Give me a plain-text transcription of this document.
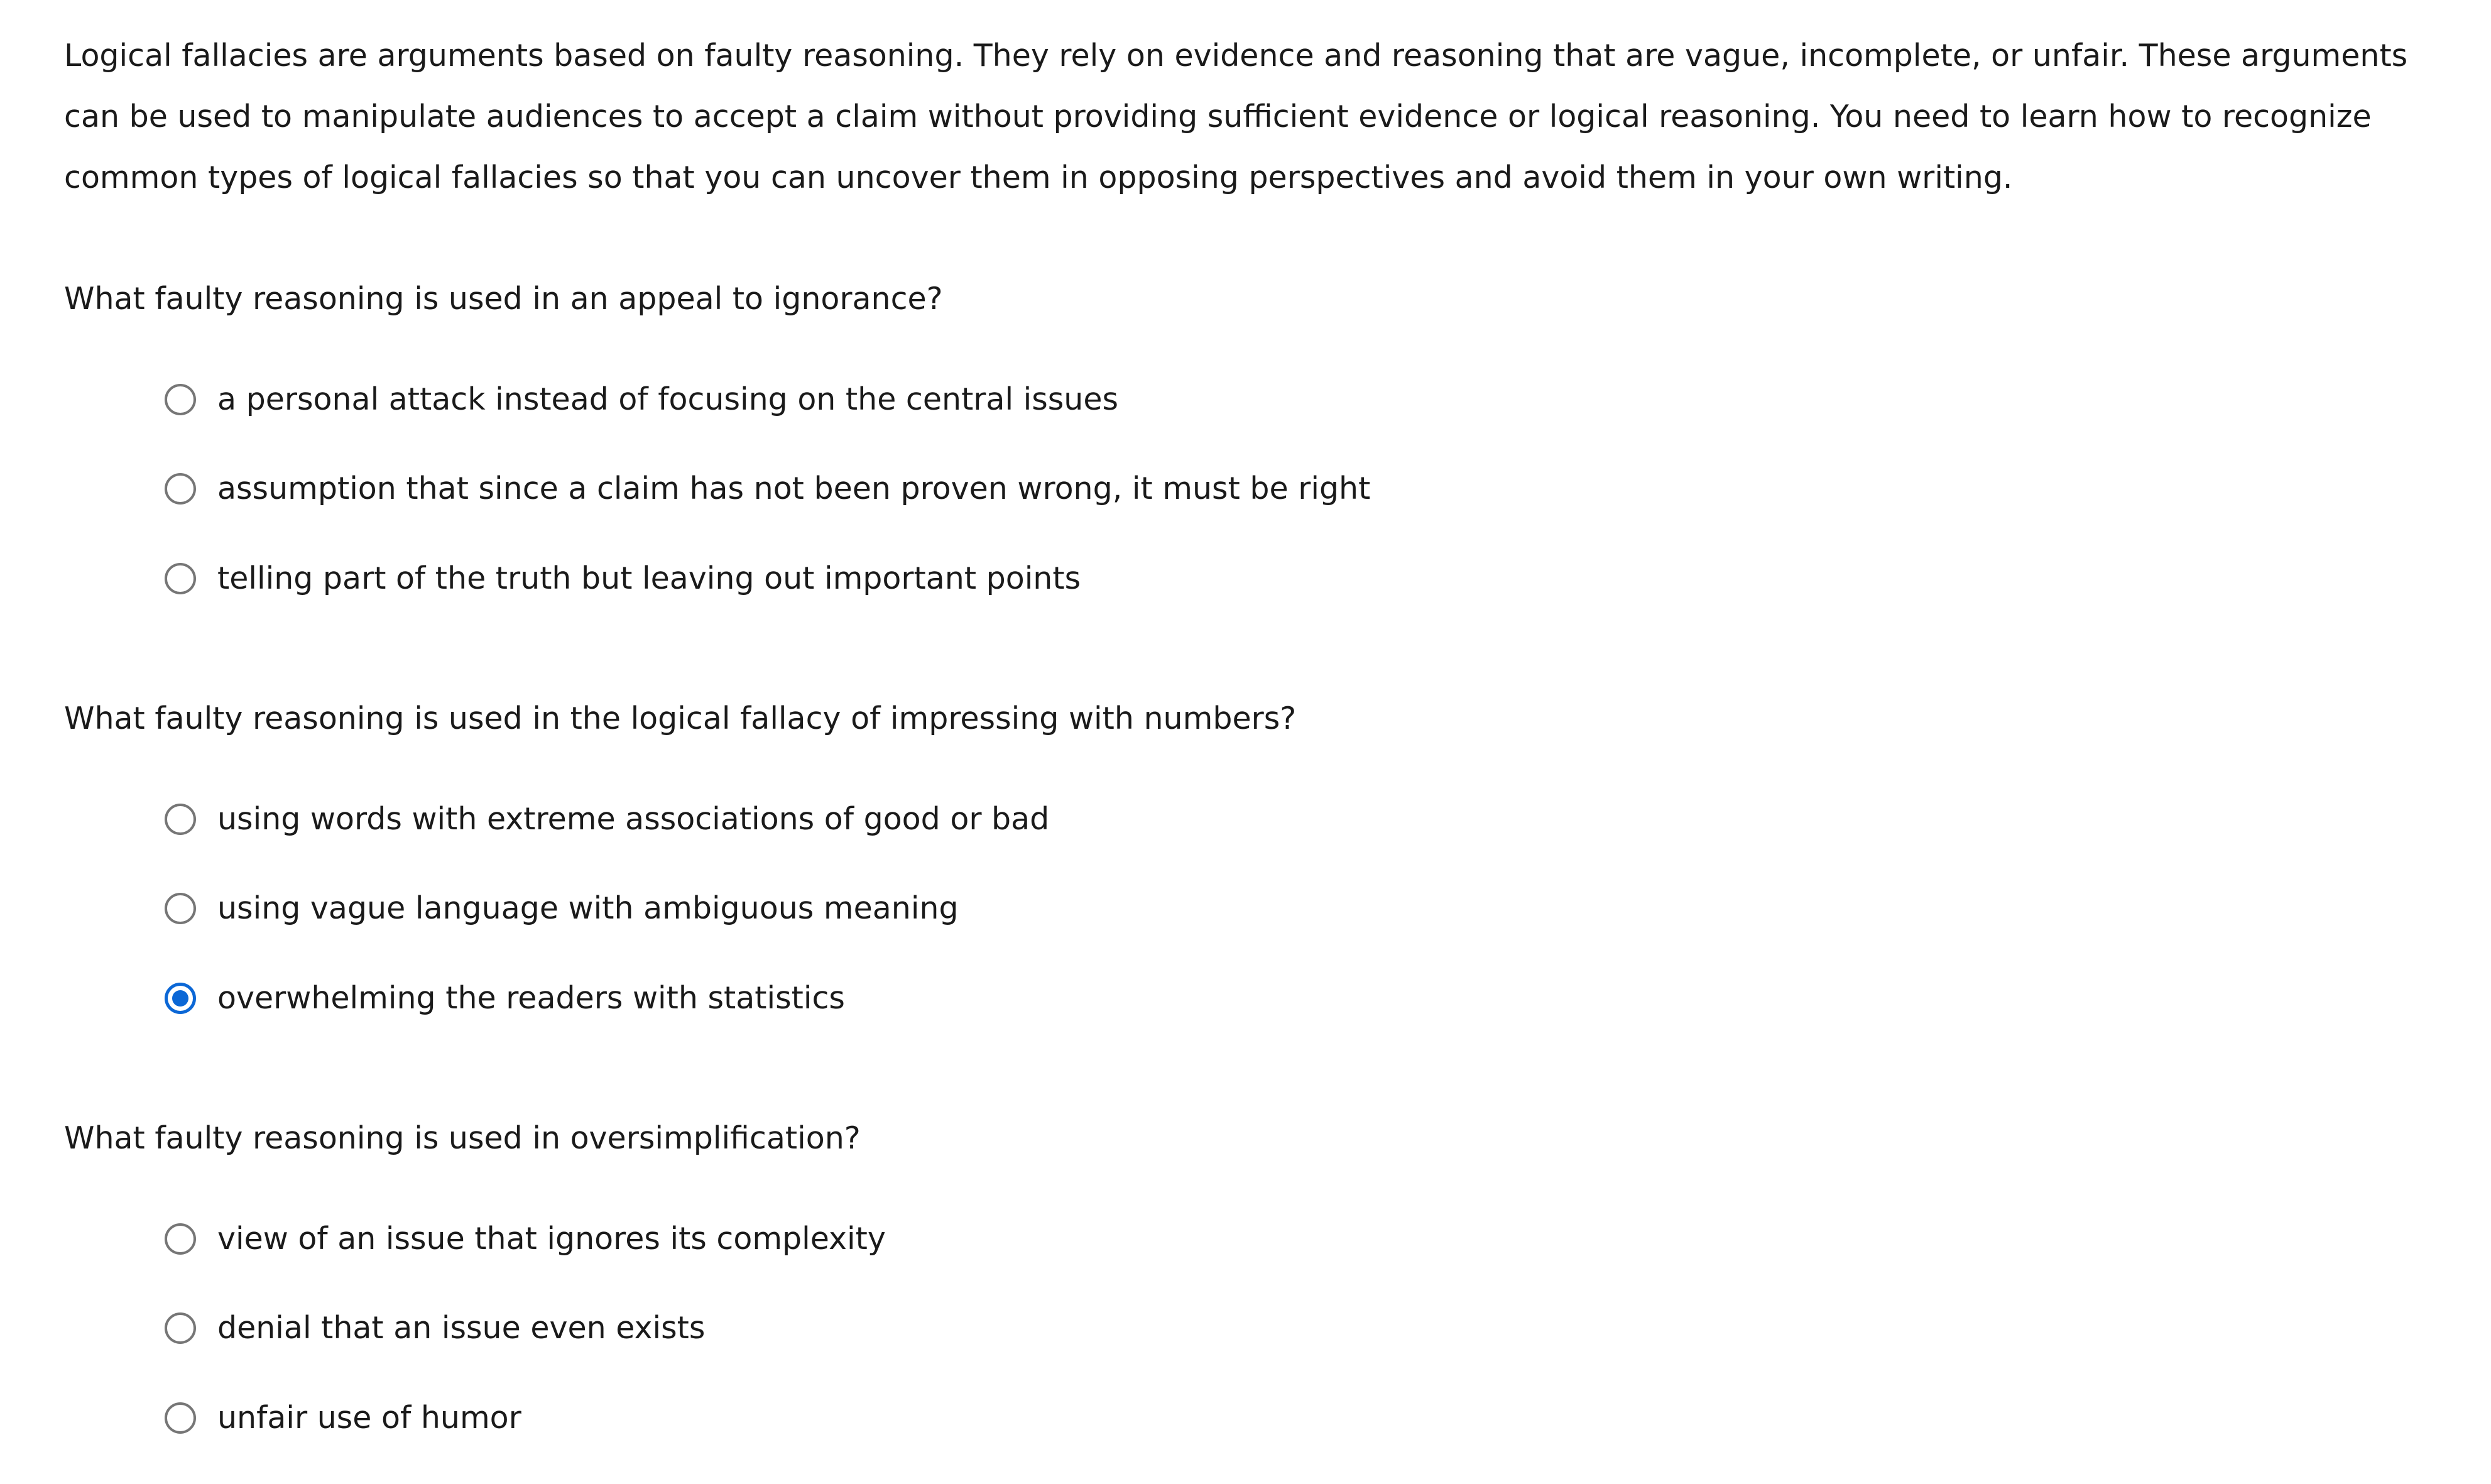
Logical fallacies are arguments based on faulty reasoning. They rely on evidence and reasoning that are vague, incomplete, or unfair. These arguments can be used to manipulate audiences to accept a claim without providing sufficient evidence or logical reasoning. You need to learn how to recognize common types of logical fallacies so that you can uncover them in opposing perspectives and avoid them in your own writing.

What faulty reasoning is used in an appeal to ignorance?

a personal attack instead of focusing on the central issues
assumption that since a claim has not been proven wrong, it must be right
telling part of the truth but leaving out important points

What faulty reasoning is used in the logical fallacy of impressing with numbers?

using words with extreme associations of good or bad
using vague language with ambiguous meaning
overwhelming the readers with statistics

What faulty reasoning is used in oversimplification?

view of an issue that ignores its complexity
denial that an issue even exists
unfair use of humor
